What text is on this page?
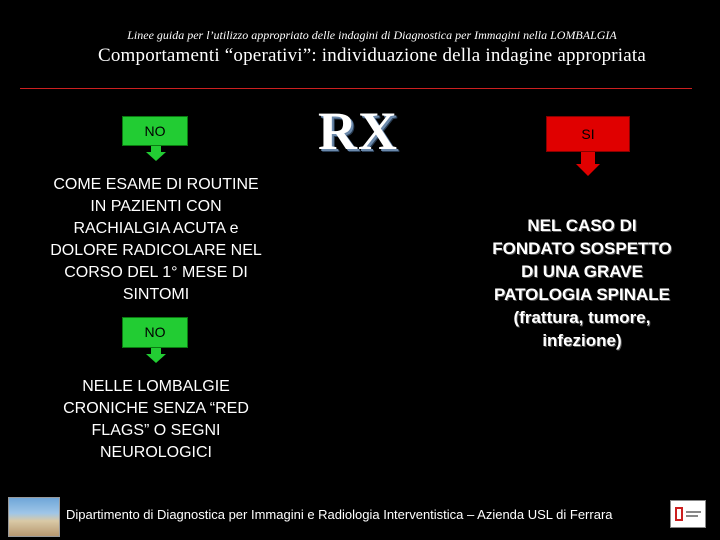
Linee guida per l’utilizzo appropriato delle indagini di Diagnostica per Immagini nella LOMBALGIA
Comportamenti “operativi”: individuazione della indagine appropriata
NO
COME ESAME DI ROUTINE
IN PAZIENTI CON
RACHIALGIA ACUTA e
DOLORE RADICOLARE NEL
CORSO DEL 1° MESE DI
SINTOMI
NO
NELLE LOMBALGIE
CRONICHE SENZA “RED
FLAGS” O SEGNI
NEUROLOGICI
RX	SI
NEL CASO DI
FONDATO SOSPETTO
DI UNA GRAVE
PATOLOGIA SPINALE
(frattura, tumore,
infezione)
Dipartimento di Diagnostica per Immagini e Radiologia Interventistica – Azienda USL di Ferrara
